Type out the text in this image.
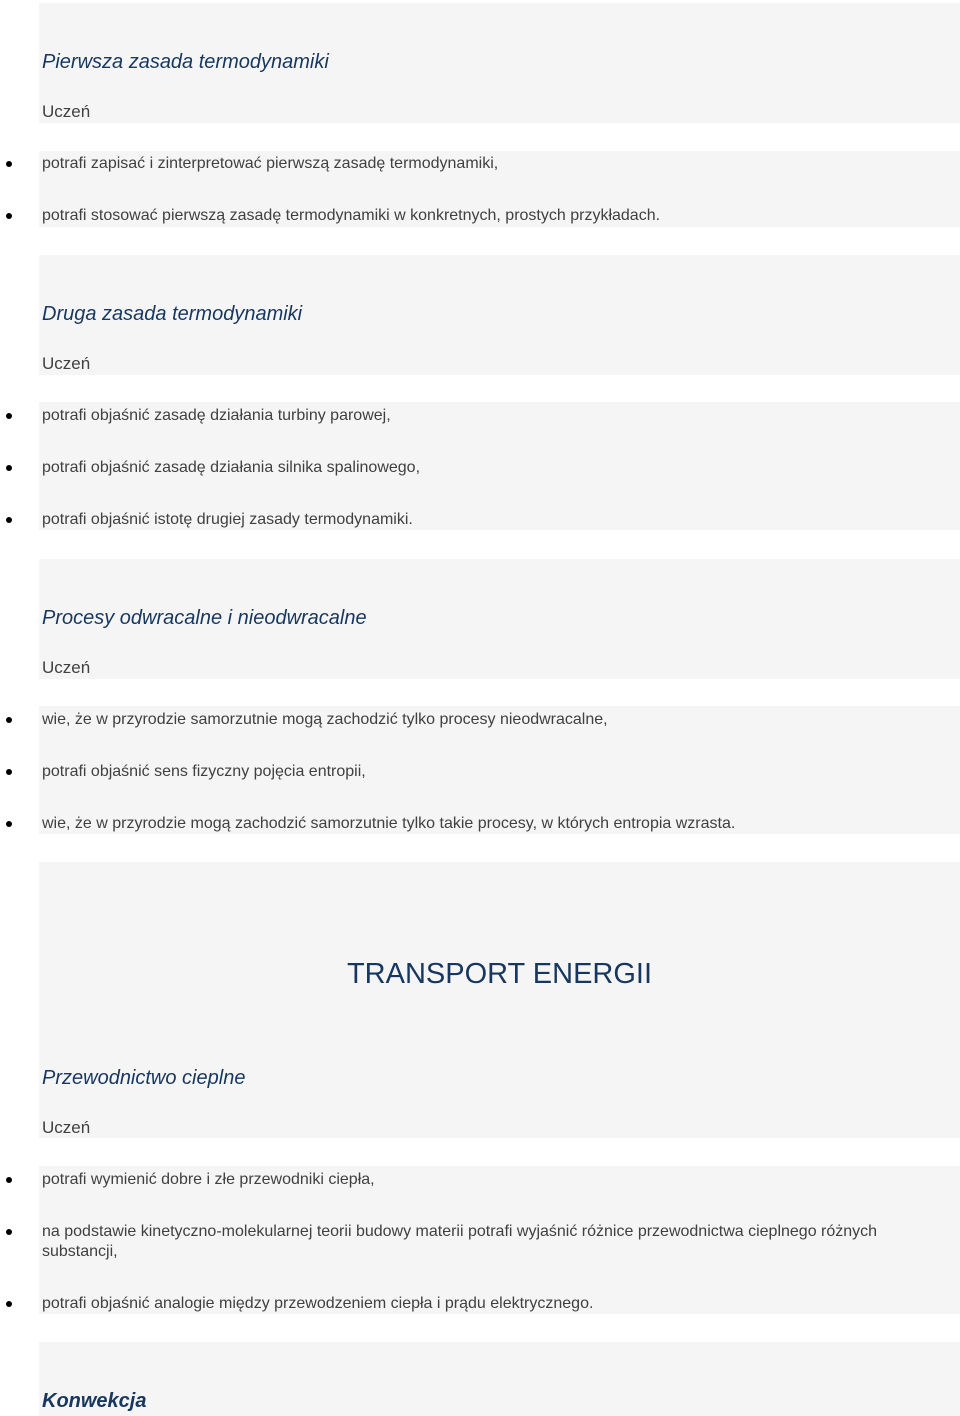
Pierwsza zasada termodynamiki
Uczeń
potrafi zapisać i zinterpretować pierwszą zasadę termodynamiki,
potrafi stosować pierwszą zasadę termodynamiki w konkretnych, prostych przykładach.
Druga zasada termodynamiki
Uczeń
potrafi objaśnić zasadę działania turbiny parowej,
potrafi objaśnić zasadę działania silnika spalinowego,
potrafi objaśnić istotę drugiej zasady termodynamiki.
Procesy odwracalne i nieodwracalne
Uczeń
wie, że w przyrodzie samorzutnie mogą zachodzić tylko procesy nieodwracalne,
potrafi objaśnić sens fizyczny pojęcia entropii,
wie, że w przyrodzie mogą zachodzić samorzutnie tylko takie procesy, w których entropia wzrasta.
TRANSPORT ENERGII
Przewodnictwo cieplne
Uczeń
potrafi wymienić dobre i złe przewodniki ciepła,
na podstawie kinetyczno-molekularnej teorii budowy materii potrafi wyjaśnić różnice przewodnictwa cieplnego różnych substancji,
potrafi objaśnić analogie między przewodzeniem ciepła i prądu elektrycznego.
Konwekcja
